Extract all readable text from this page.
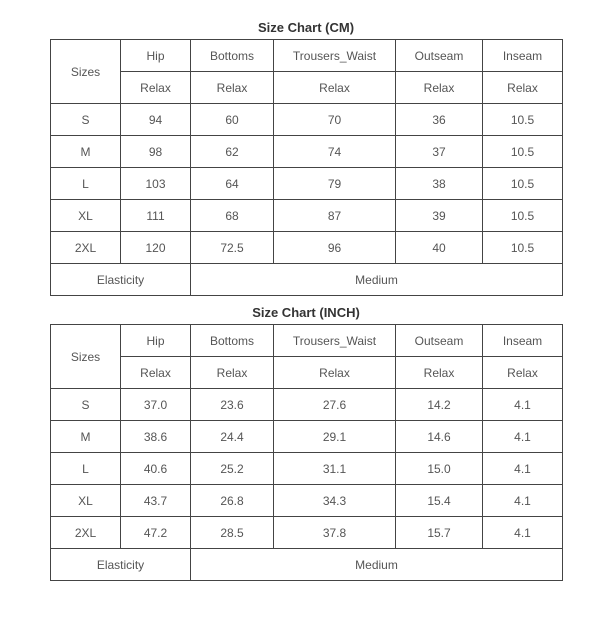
Size Chart (CM)
Sizes	Hip	Bottoms	Trousers_Waist	Outseam	Inseam
	Relax	Relax	Relax	Relax	Relax
S	94	60	70	36	10.5
M	98	62	74	37	10.5
L	103	64	79	38	10.5
XL	111	68	87	39	10.5
2XL	120	72.5	96	40	10.5
Elasticity		Medium			
Size Chart (INCH)
Sizes	Hip	Bottoms	Trousers_Waist	Outseam	Inseam
	Relax	Relax	Relax	Relax	Relax
S	37.0	23.6	27.6	14.2	4.1
M	38.6	24.4	29.1	14.6	4.1
L	40.6	25.2	31.1	15.0	4.1
XL	43.7	26.8	34.3	15.4	4.1
2XL	47.2	28.5	37.8	15.7	4.1
Elasticity		Medium			
